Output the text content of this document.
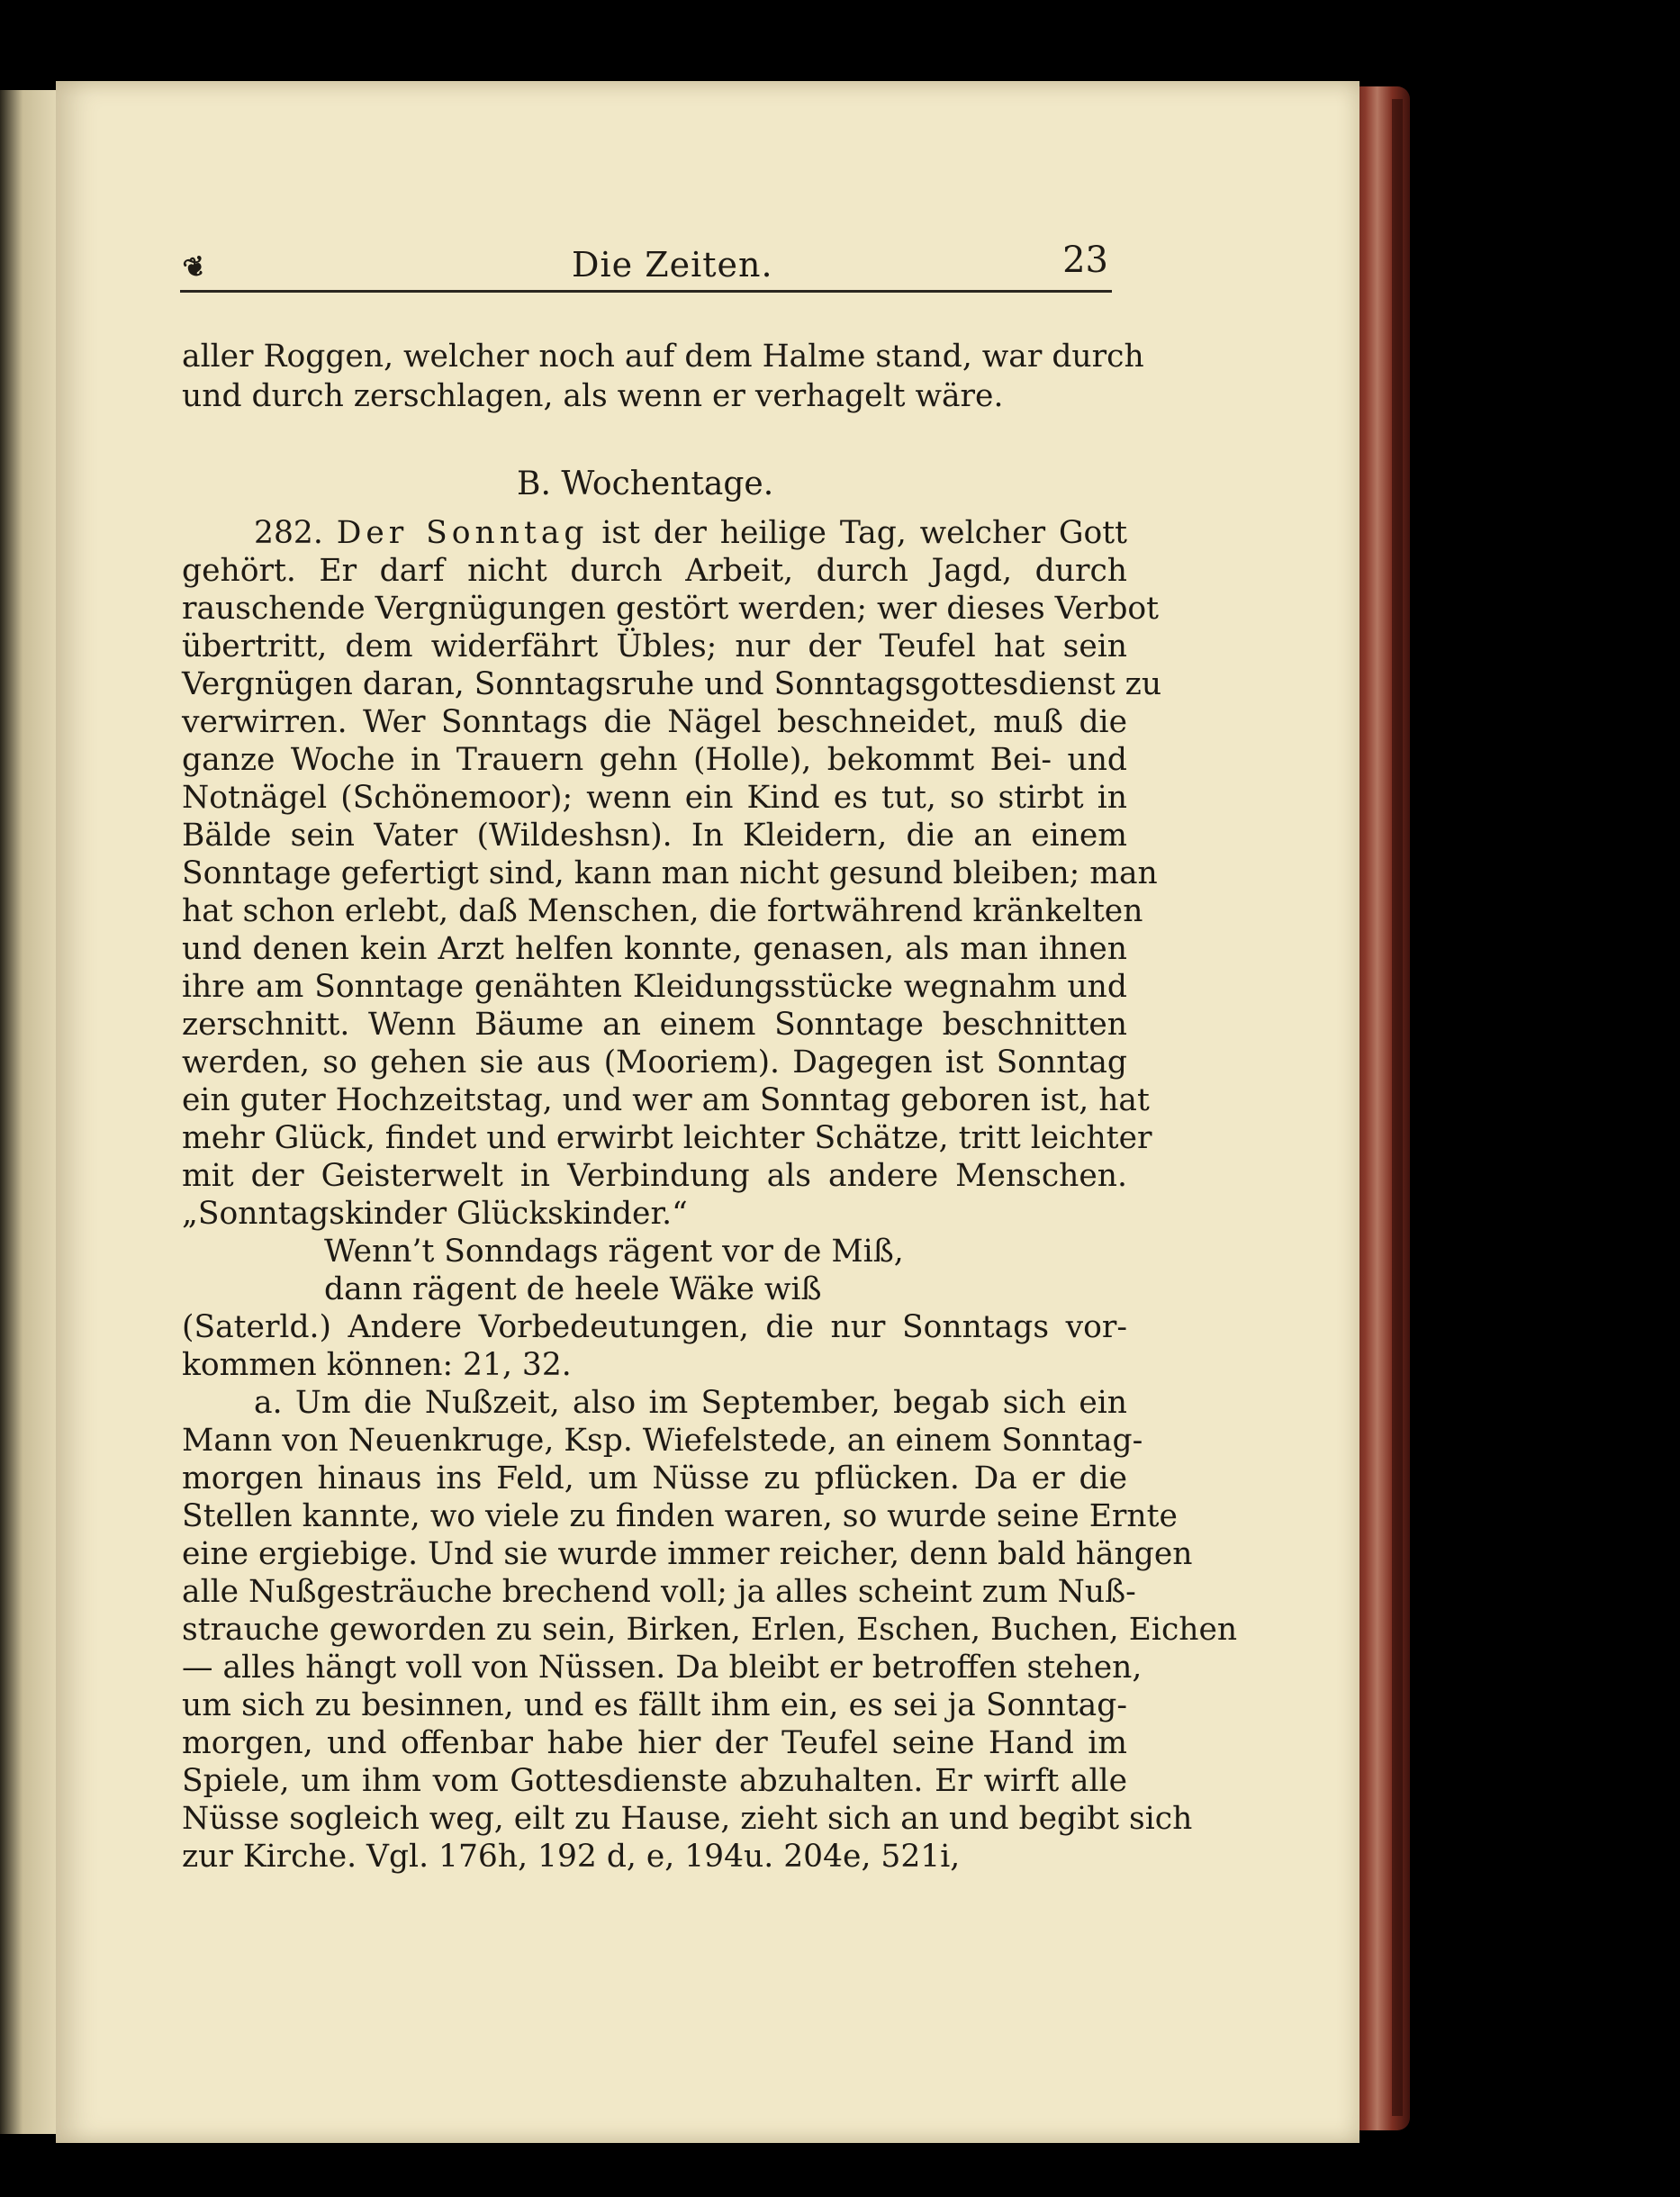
❦	Die Zeiten.	23
aller Roggen, welcher noch auf dem Halme stand, war durch
und durch zerschlagen, als wenn er verhagelt wäre.
B. Wochentage.
282. Der Sonntag ist der heilige Tag, welcher Gott
gehört. Er darf nicht durch Arbeit, durch Jagd, durch
rauschende Vergnügungen gestört werden; wer dieses Verbot
übertritt, dem widerfährt Übles; nur der Teufel hat sein
Vergnügen daran, Sonntagsruhe und Sonntagsgottesdienst zu
verwirren. Wer Sonntags die Nägel beschneidet, muß die
ganze Woche in Trauern gehn (Holle), bekommt Bei- und
Notnägel (Schönemoor); wenn ein Kind es tut, so stirbt in
Bälde sein Vater (Wildeshsn). In Kleidern, die an einem
Sonntage gefertigt sind, kann man nicht gesund bleiben; man
hat schon erlebt, daß Menschen, die fortwährend kränkelten
und denen kein Arzt helfen konnte, genasen, als man ihnen
ihre am Sonntage genähten Kleidungsstücke wegnahm und
zerschnitt. Wenn Bäume an einem Sonntage beschnitten
werden, so gehen sie aus (Mooriem). Dagegen ist Sonntag
ein guter Hochzeitstag, und wer am Sonntag geboren ist, hat
mehr Glück, findet und erwirbt leichter Schätze, tritt leichter
mit der Geisterwelt in Verbindung als andere Menschen.
„Sonntagskinder Glückskinder.“
Wenn’t Sonndags rägent vor de Miß,
dann rägent de heele Wäke wiß
(Saterld.) Andere Vorbedeutungen, die nur Sonntags vor-
kommen können: 21, 32.
a. Um die Nußzeit, also im September, begab sich ein
Mann von Neuenkruge, Ksp. Wiefelstede, an einem Sonntag-
morgen hinaus ins Feld, um Nüsse zu pflücken. Da er die
Stellen kannte, wo viele zu finden waren, so wurde seine Ernte
eine ergiebige. Und sie wurde immer reicher, denn bald hängen
alle Nußgesträuche brechend voll; ja alles scheint zum Nuß-
strauche geworden zu sein, Birken, Erlen, Eschen, Buchen, Eichen
— alles hängt voll von Nüssen. Da bleibt er betroffen stehen,
um sich zu besinnen, und es fällt ihm ein, es sei ja Sonntag-
morgen, und offenbar habe hier der Teufel seine Hand im
Spiele, um ihm vom Gottesdienste abzuhalten. Er wirft alle
Nüsse sogleich weg, eilt zu Hause, zieht sich an und begibt sich
zur Kirche. Vgl. 176h, 192 d, e, 194u. 204e, 521i,
